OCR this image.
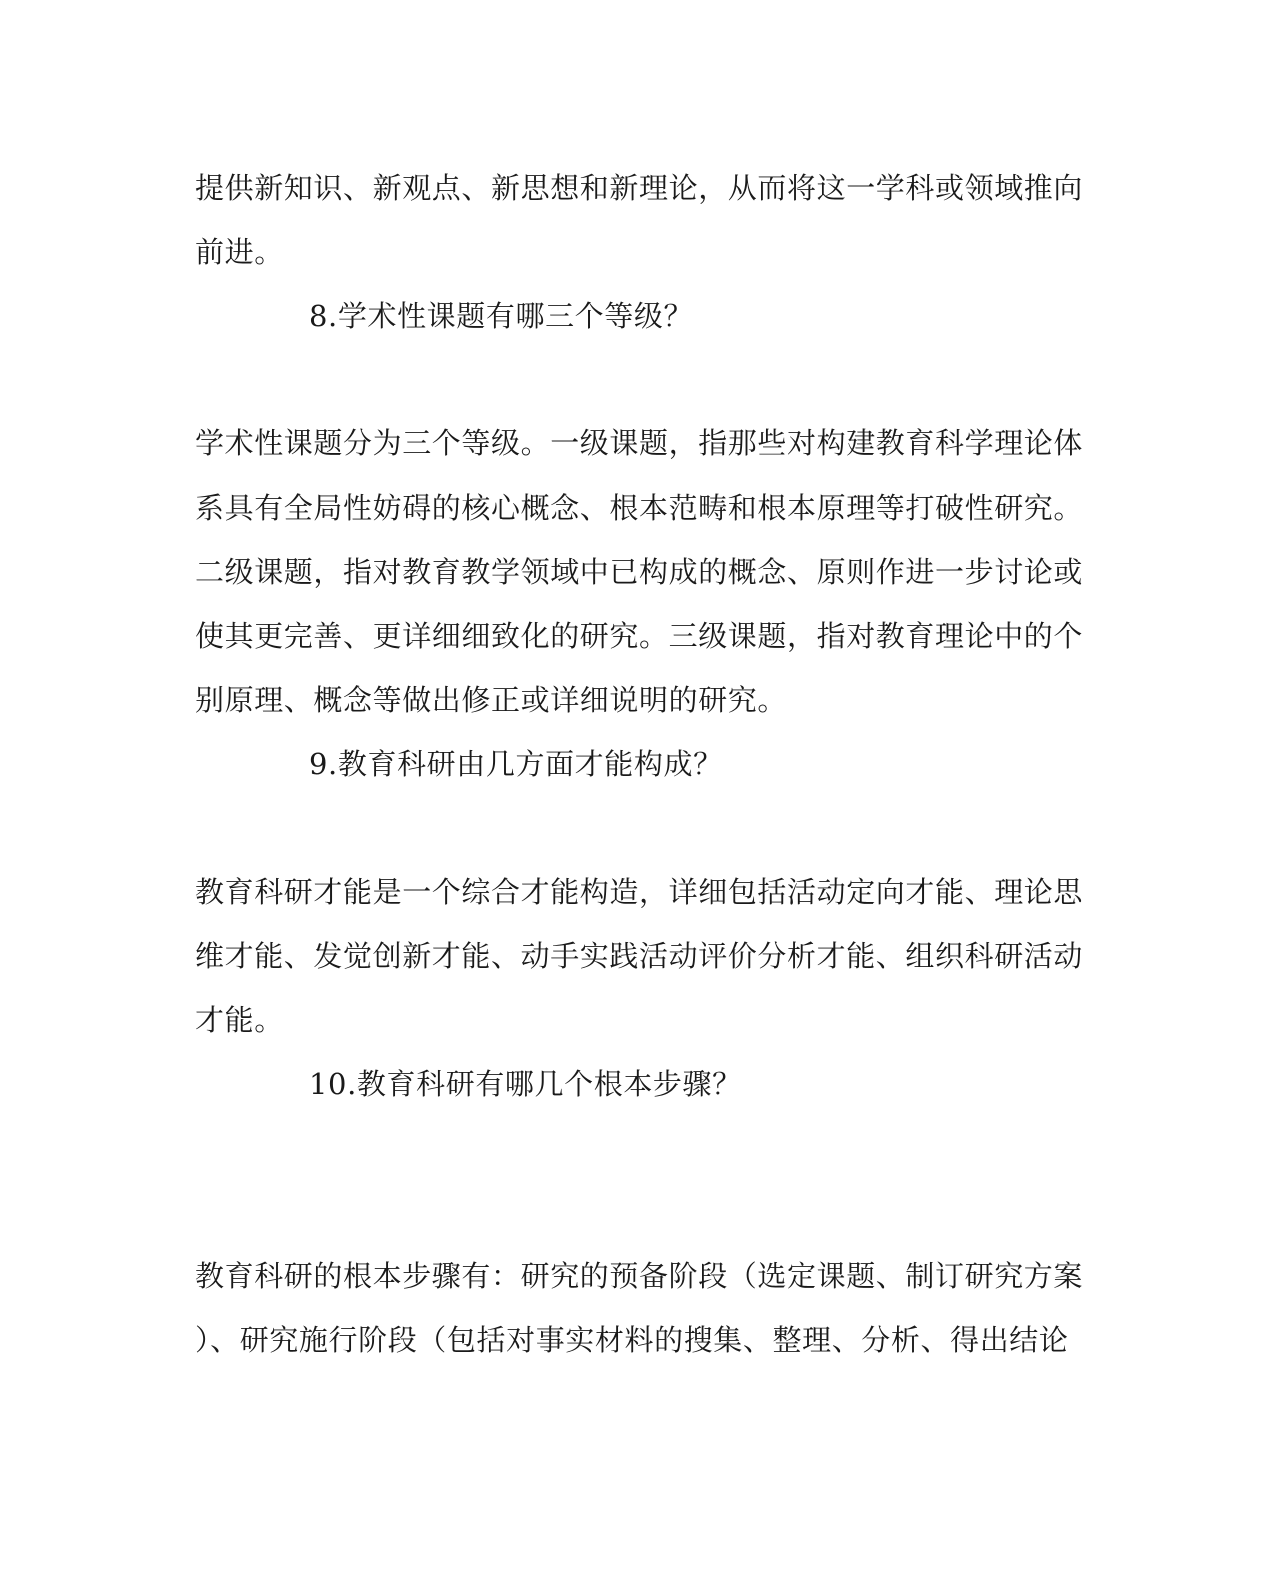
提供新知识、新观点、新思想和新理论，从而将这一学科或领域推向
前进。
8.学术性课题有哪三个等级？
学术性课题分为三个等级。一级课题，指那些对构建教育科学理论体
系具有全局性妨碍的核心概念、根本范畴和根本原理等打破性研究。
二级课题，指对教育教学领域中已构成的概念、原则作进一步讨论或
使其更完善、更详细细致化的研究。三级课题，指对教育理论中的个
别原理、概念等做出修正或详细说明的研究。
9.教育科研由几方面才能构成？
教育科研才能是一个综合才能构造，详细包括活动定向才能、理论思
维才能、发觉创新才能、动手实践活动评价分析才能、组织科研活动
才能。
10.教育科研有哪几个根本步骤？
教育科研的根本步骤有：研究的预备阶段（选定课题、制订研究方案
）、研究施行阶段（包括对事实材料的搜集、整理、分析、得出结论
